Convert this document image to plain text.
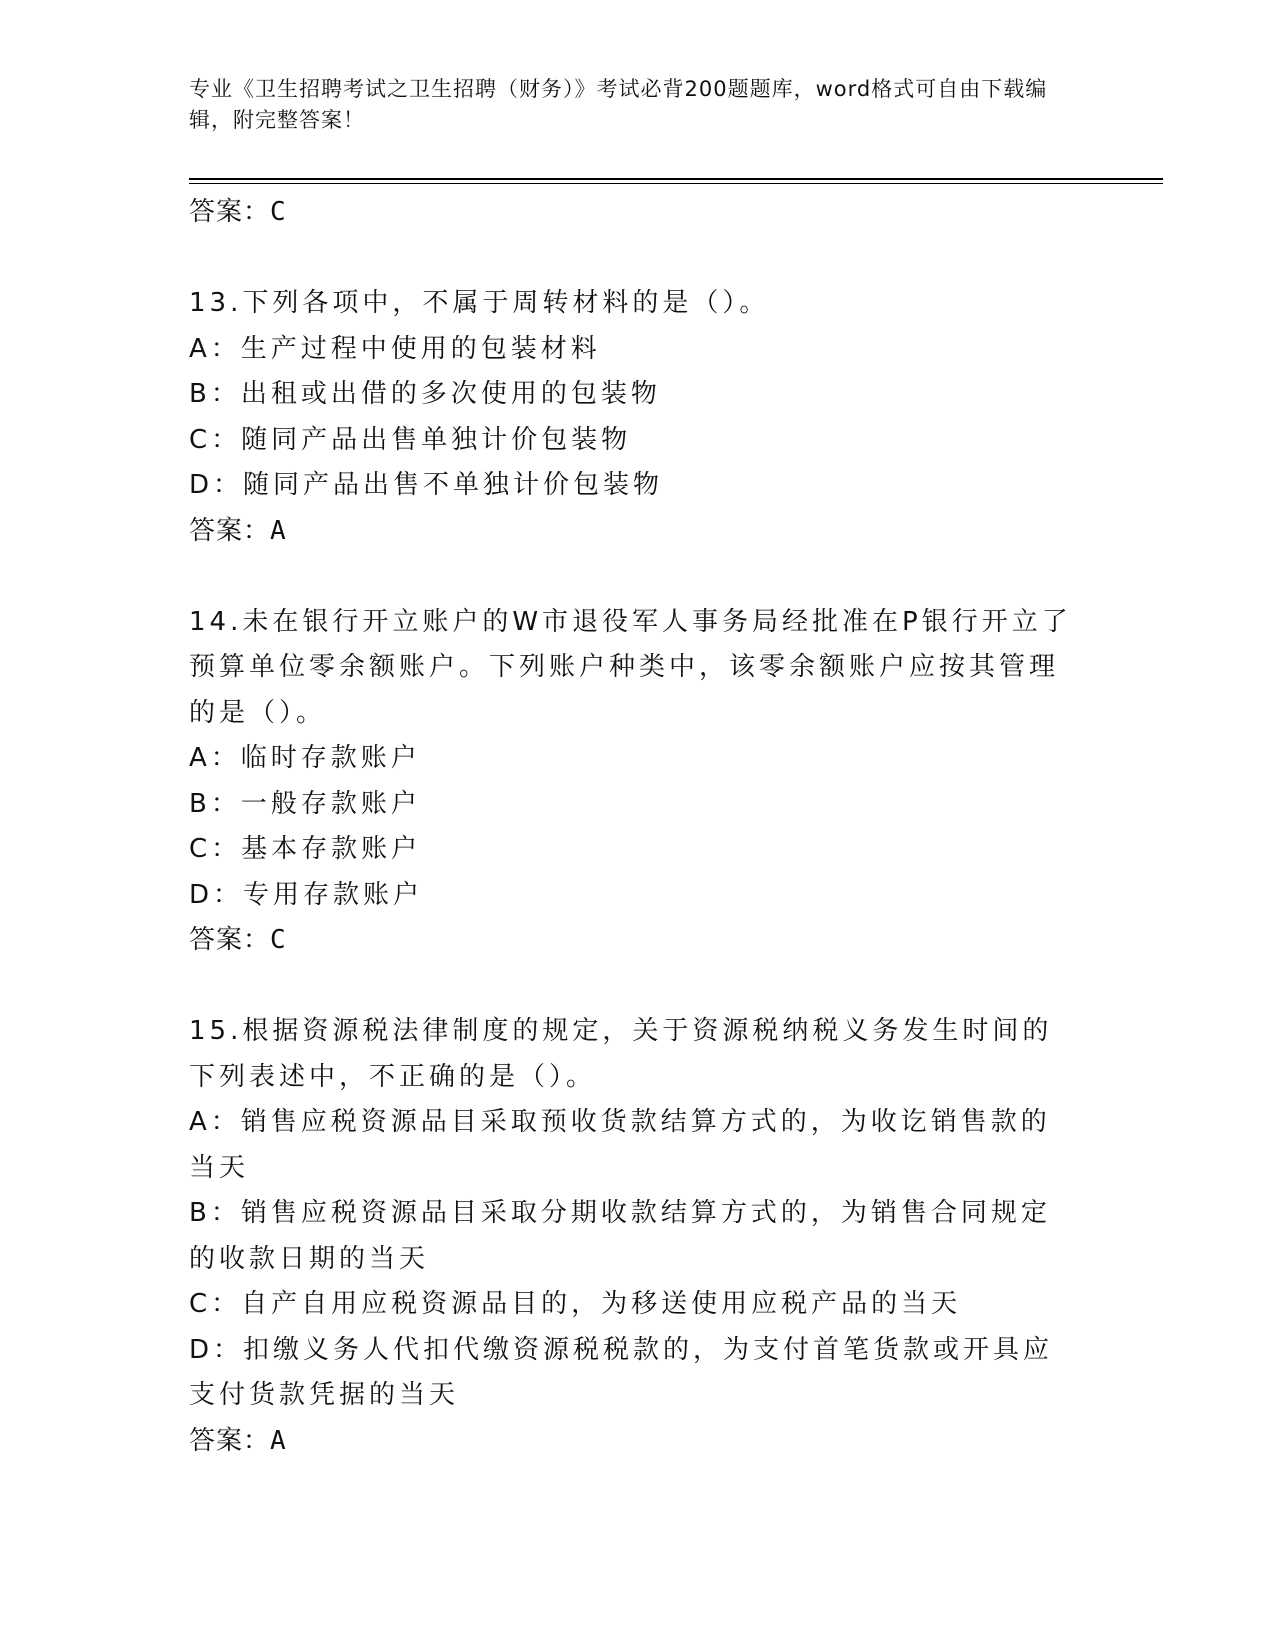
专业《卫生招聘考试之卫生招聘（财务）》考试必背200题题库，word格式可自由下载编辑，附完整答案！
答案：C
13.下列各项中，不属于周转材料的是（）。
A：生产过程中使用的包装材料
B：出租或出借的多次使用的包装物
C：随同产品出售单独计价包装物
D：随同产品出售不单独计价包装物
答案：A
14.未在银行开立账户的W市退役军人事务局经批准在P银行开立了预算单位零余额账户。下列账户种类中，该零余额账户应按其管理的是（）。
A：临时存款账户
B：一般存款账户
C：基本存款账户
D：专用存款账户
答案：C
15.根据资源税法律制度的规定，关于资源税纳税义务发生时间的下列表述中，不正确的是（）。
A：销售应税资源品目采取预收货款结算方式的，为收讫销售款的当天
B：销售应税资源品目采取分期收款结算方式的，为销售合同规定的收款日期的当天
C：自产自用应税资源品目的，为移送使用应税产品的当天
D：扣缴义务人代扣代缴资源税税款的，为支付首笔货款或开具应支付货款凭据的当天
答案：A
